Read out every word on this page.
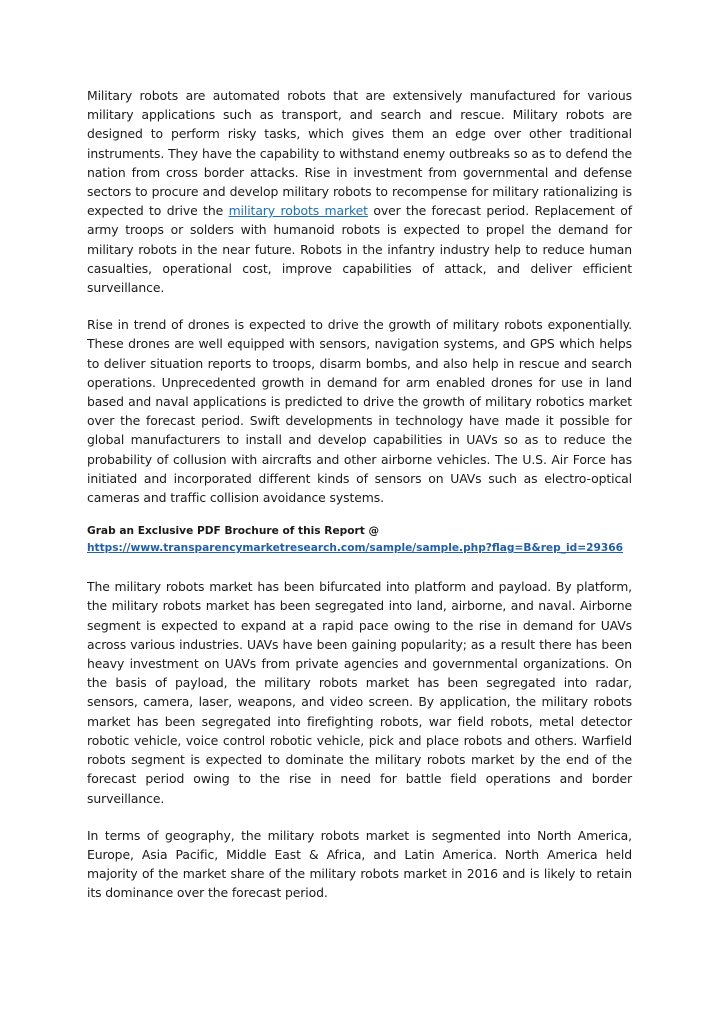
Military robots are automated robots that are extensively manufactured for various military applications such as transport, and search and rescue. Military robots are designed to perform risky tasks, which gives them an edge over other traditional instruments. They have the capability to withstand enemy outbreaks so as to defend the nation from cross border attacks. Rise in investment from governmental and defense sectors to procure and develop military robots to recompense for military rationalizing is expected to drive the military robots market over the forecast period. Replacement of army troops or solders with humanoid robots is expected to propel the demand for military robots in the near future. Robots in the infantry industry help to reduce human casualties, operational cost, improve capabilities of attack, and deliver efficient surveillance.

Rise in trend of drones is expected to drive the growth of military robots exponentially. These drones are well equipped with sensors, navigation systems, and GPS which helps to deliver situation reports to troops, disarm bombs, and also help in rescue and search operations. Unprecedented growth in demand for arm enabled drones for use in land based and naval applications is predicted to drive the growth of military robotics market over the forecast period. Swift developments in technology have made it possible for global manufacturers to install and develop capabilities in UAVs so as to reduce the probability of collusion with aircrafts and other airborne vehicles. The U.S. Air Force has initiated and incorporated different kinds of sensors on UAVs such as electro-optical cameras and traffic collision avoidance systems.

Grab an Exclusive PDF Brochure of this Report @

https://www.transparencymarketresearch.com/sample/sample.php?flag=B&rep_id=29366

The military robots market has been bifurcated into platform and payload. By platform, the military robots market has been segregated into land, airborne, and naval. Airborne segment is expected to expand at a rapid pace owing to the rise in demand for UAVs across various industries. UAVs have been gaining popularity; as a result there has been heavy investment on UAVs from private agencies and governmental organizations. On the basis of payload, the military robots market has been segregated into radar, sensors, camera, laser, weapons, and video screen. By application, the military robots market has been segregated into firefighting robots, war field robots, metal detector robotic vehicle, voice control robotic vehicle, pick and place robots and others. Warfield robots segment is expected to dominate the military robots market by the end of the forecast period owing to the rise in need for battle field operations and border surveillance.

In terms of geography, the military robots market is segmented into North America, Europe, Asia Pacific, Middle East & Africa, and Latin America. North America held majority of the market share of the military robots market in 2016 and is likely to retain its dominance over the forecast period.
